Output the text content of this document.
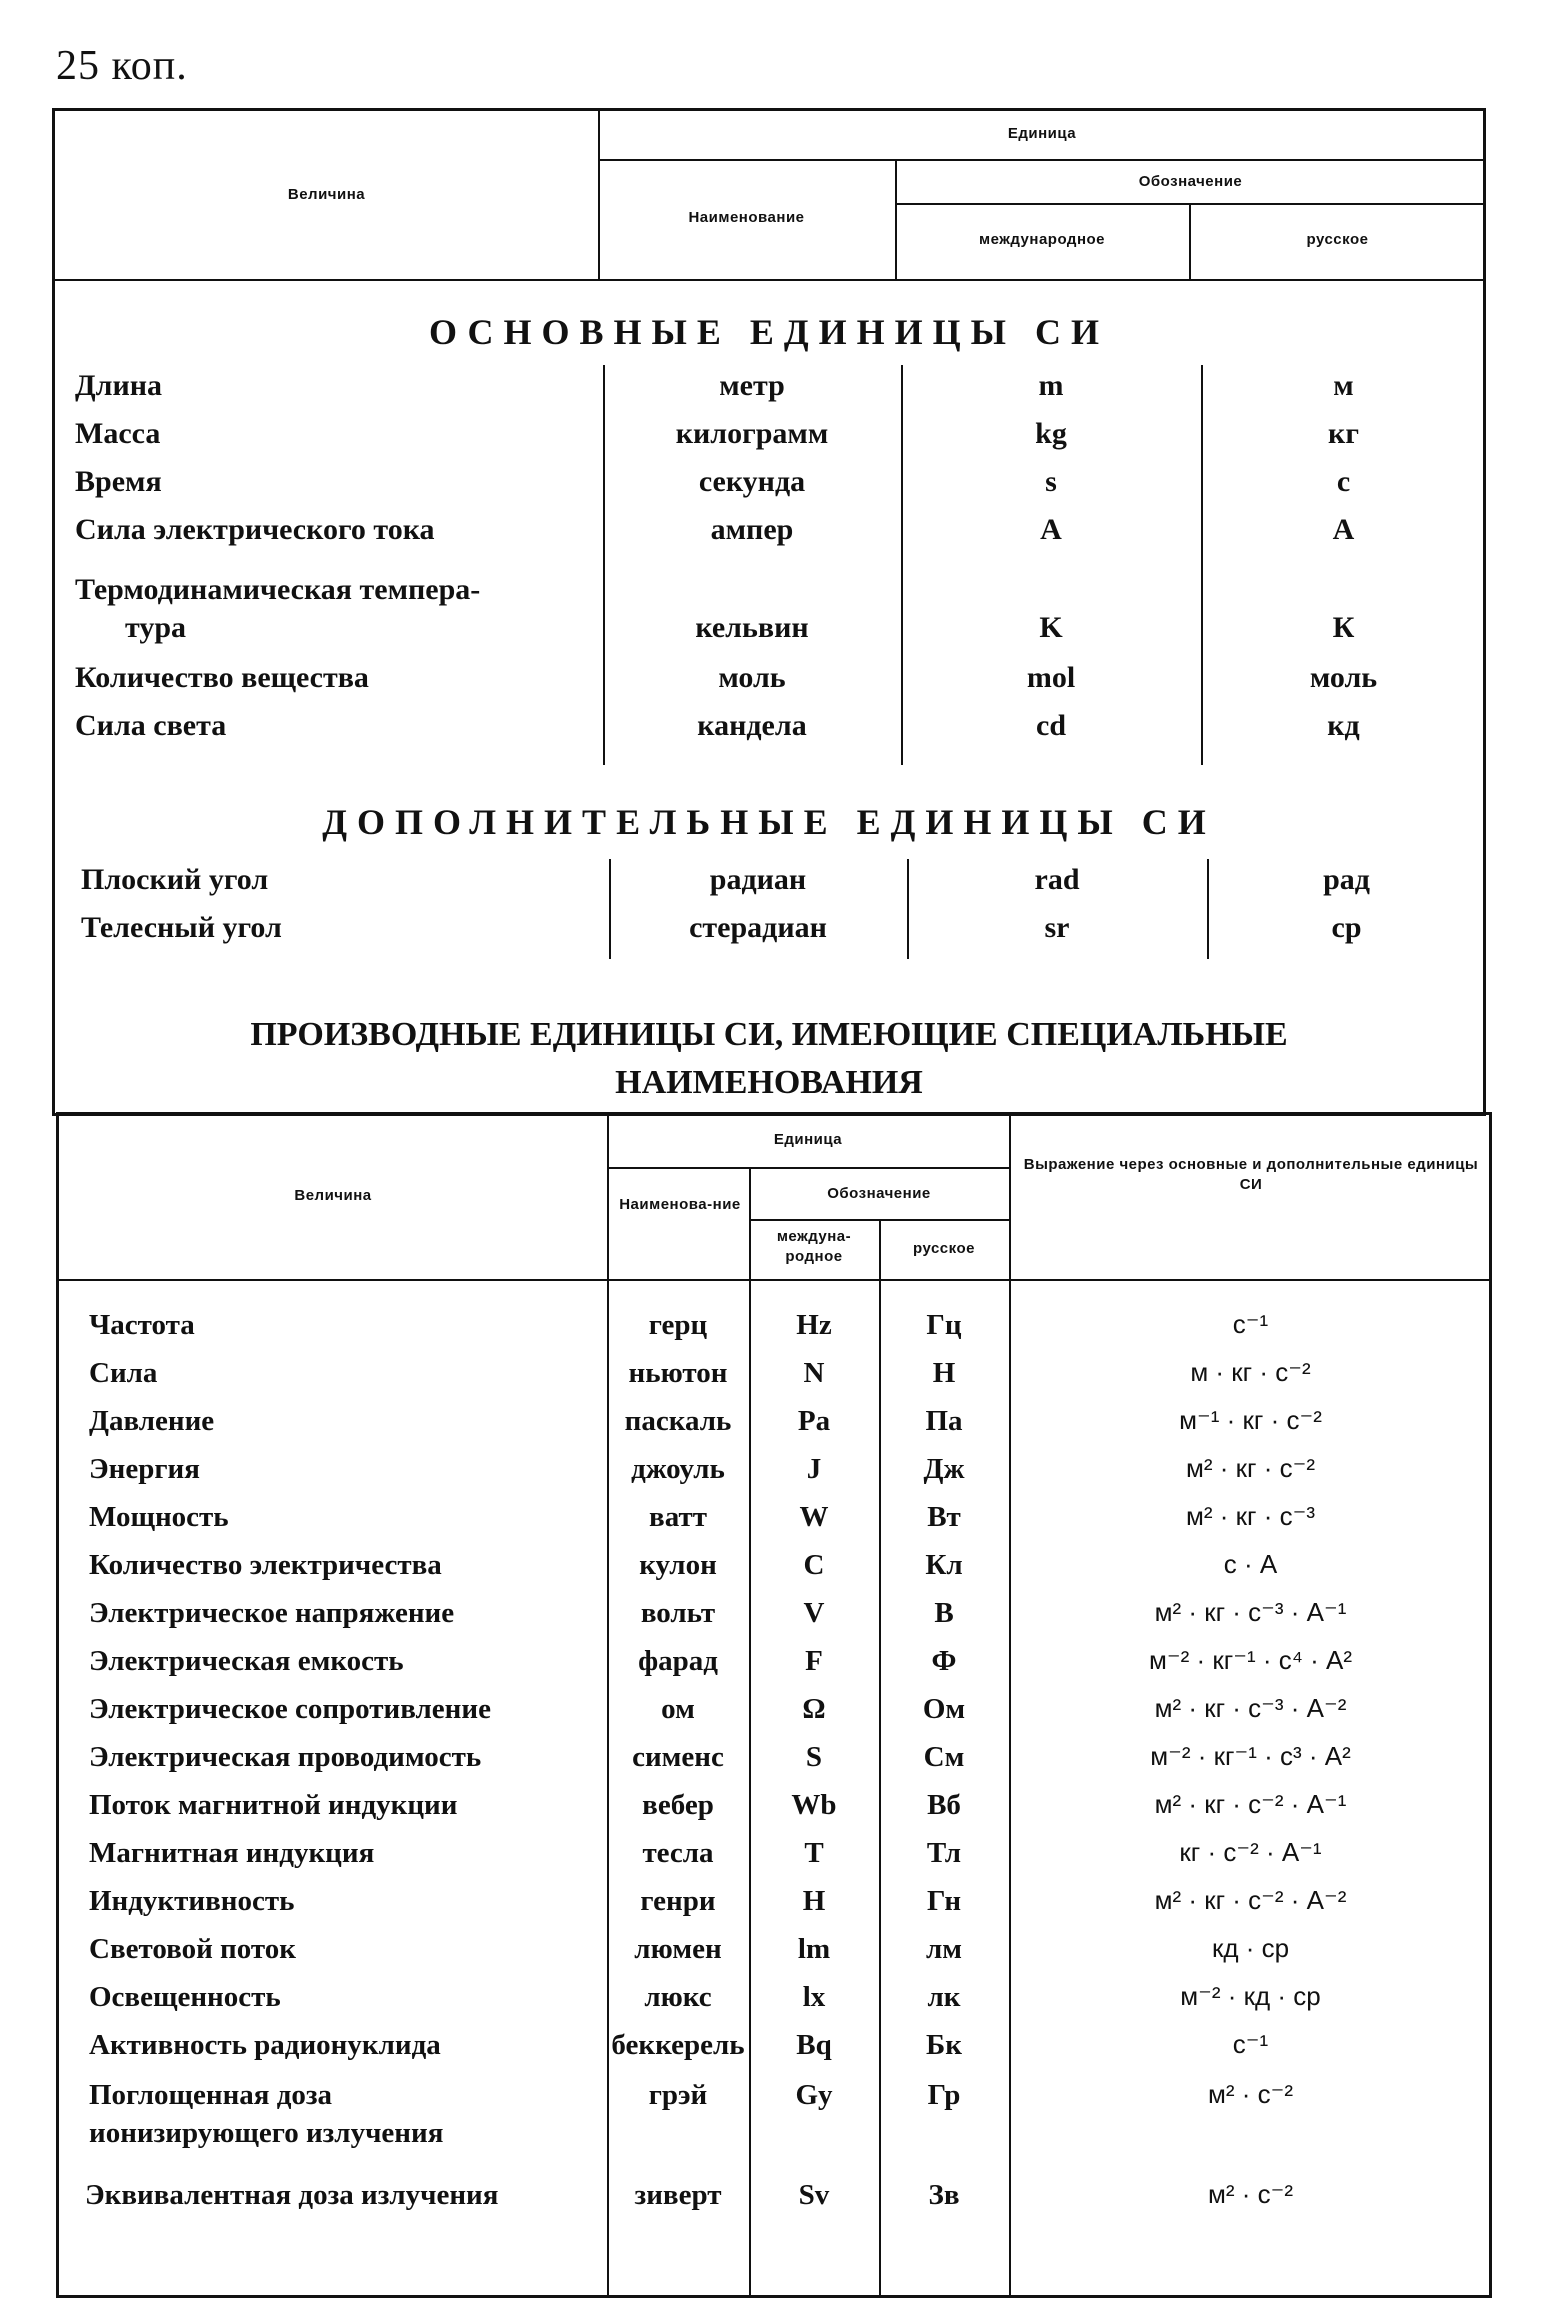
25 коп.
Величина
Единица
Наименование
Обозначение
международное	русское
ОСНОВНЫЕ ЕДИНИЦЫ СИ
Длина	метр	m	м
Масса	килограмм	kg	кг
Время	секунда	s	с
Сила электрического тока	ампер	A	A
Термодинамическая темпера-
тура	кельвин	K	К
Количество вещества	моль	mol	моль
Сила света	кандела	cd	кд
ДОПОЛНИТЕЛЬНЫЕ ЕДИНИЦЫ СИ
Плоский угол	радиан	rad	рад
Телесный угол	стерадиан	sr	ср
ПРОИЗВОДНЫЕ ЕДИНИЦЫ СИ, ИМЕЮЩИЕ СПЕЦИАЛЬНЫЕ
НАИМЕНОВАНИЯ
Величина
Единица
Наименова-ние
Обозначение
междуна-родное	русское
Выражение через основные и дополнительные единицы СИ
Частота	герц	Hz	Гц	с⁻¹
Сила	ньютон	N	Н	м · кг · с⁻²
Давление	паскаль	Pa	Па	м⁻¹ · кг · с⁻²
Энергия	джоуль	J	Дж	м² · кг · с⁻²
Мощность	ватт	W	Вт	м² · кг · с⁻³
Количество электричества	кулон	C	Кл	с · А
Электрическое напряжение	вольт	V	В	м² · кг · с⁻³ · А⁻¹
Электрическая емкость	фарад	F	Ф	м⁻² · кг⁻¹ · с⁴ · А²
Электрическое сопротивление	ом	Ω	Ом	м² · кг · с⁻³ · А⁻²
Электрическая проводимость	сименс	S	См	м⁻² · кг⁻¹ · с³ · А²
Поток магнитной индукции	вебер	Wb	Вб	м² · кг · с⁻² · А⁻¹
Магнитная индукция	тесла	T	Тл	кг · с⁻² · А⁻¹
Индуктивность	генри	H	Гн	м² · кг · с⁻² · А⁻²
Световой поток	люмен	lm	лм	кд · ср
Освещенность	люкс	lx	лк	м⁻² · кд · ср
Активность радионуклида	беккерель	Bq	Бк	с⁻¹
Поглощенная доза	грэй	Gy	Гр	м² · с⁻²
ионизирующего излучения
Эквивалентная доза излучения	зиверт	Sv	Зв	м² · с⁻²
